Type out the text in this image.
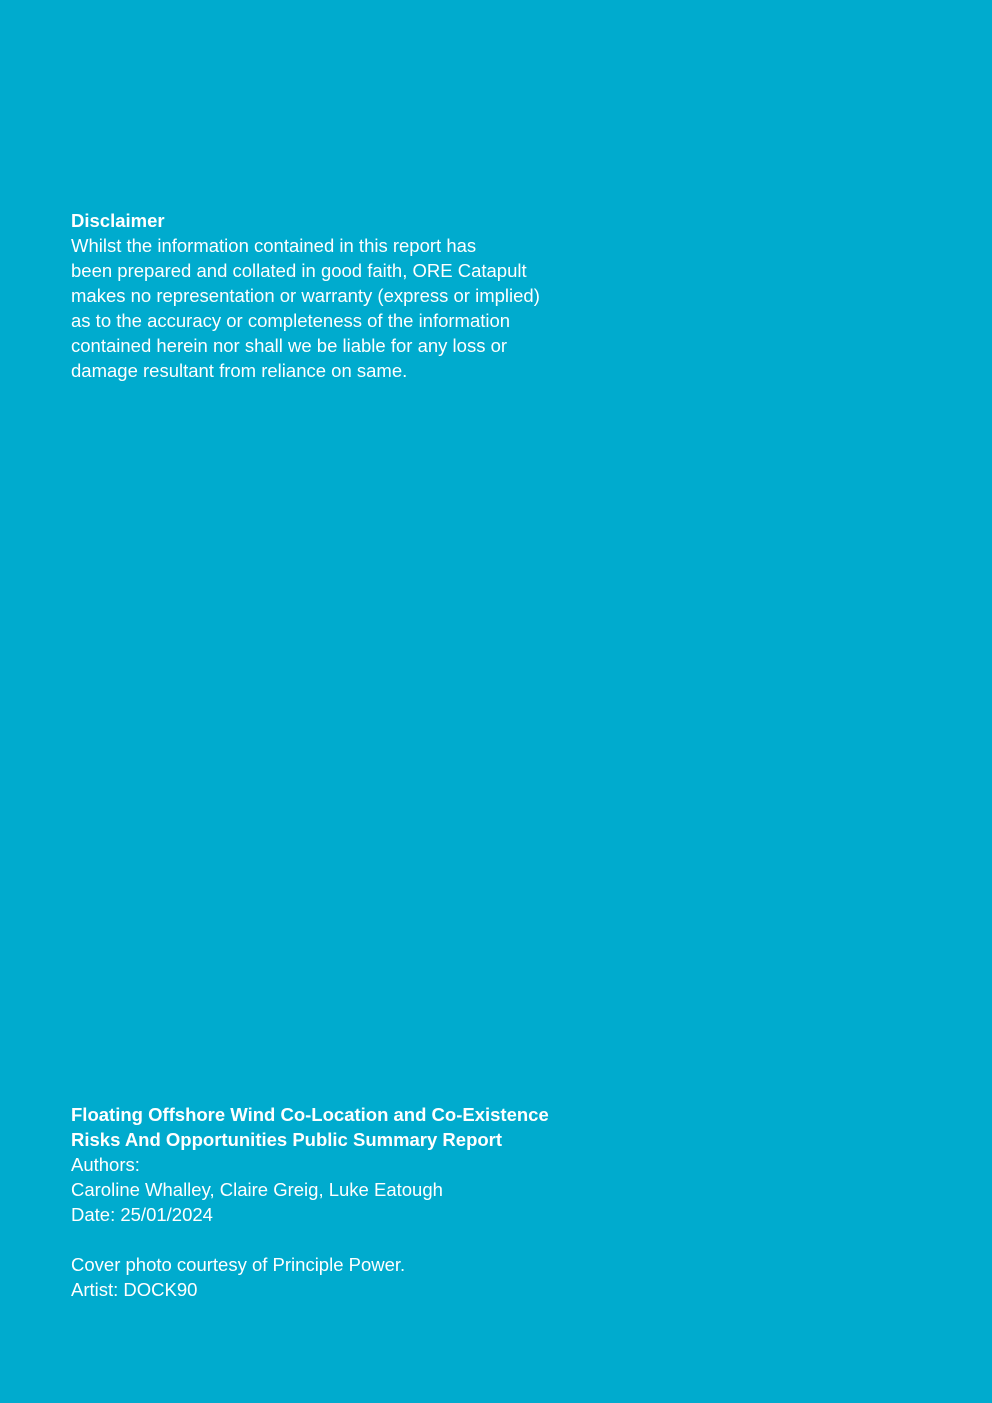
Disclaimer
Whilst the information contained in this report has
been prepared and collated in good faith, ORE Catapult
makes no representation or warranty (express or implied)
as to the accuracy or completeness of the information
contained herein nor shall we be liable for any loss or
damage resultant from reliance on same.
Floating Offshore Wind Co-Location and Co-Existence
Risks And Opportunities Public Summary Report
Authors:
Caroline Whalley, Claire Greig, Luke Eatough
Date: 25/01/2024
Cover photo courtesy of Principle Power.
Artist: DOCK90
